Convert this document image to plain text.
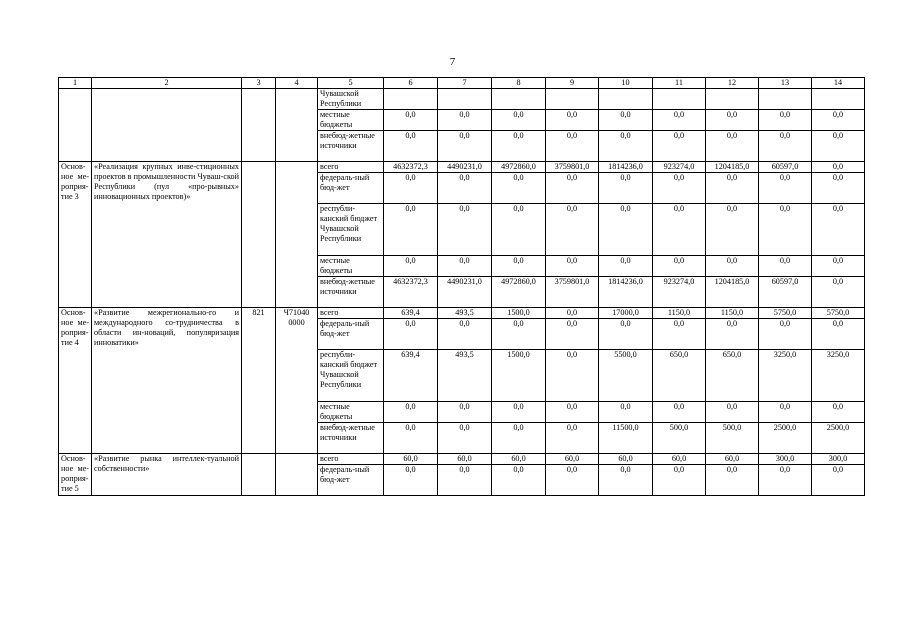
7
1	2	3	4	5	6	7	8	9	10	11	12	13	14
				Чувашской Республики									
				местные бюджеты	0,0	0,0	0,0	0,0	0,0	0,0	0,0	0,0	0,0
				внебюд-жетные источники	0,0	0,0	0,0	0,0	0,0	0,0	0,0	0,0	0,0
Основ-ное ме-роприя-тие 3	«Реализация крупных инве-стиционных проектов в промышленности Чуваш-ской Республики (пул «про-рывных» инновационных проектов)»			всего	4632372,3	4490231,0	4972860,0	3759801,0	1814236,0	923274,0	1204185,0	60597,0	0,0
				федераль-ный бюд-жет	0,0	0,0	0,0	0,0	0,0	0,0	0,0	0,0	0,0
				республи-канский бюджет Чувашской Республики	0,0	0,0	0,0	0,0	0,0	0,0	0,0	0,0	0,0
				местные бюджеты	0,0	0,0	0,0	0,0	0,0	0,0	0,0	0,0	0,0
				внебюд-жетные источники	4632372,3	4490231,0	4972860,0	3759801,0	1814236,0	923274,0	1204185,0	60597,0	0,0
Основ-ное ме-роприя-тие 4	«Развитие межрегионально-го и международного со-трудничества в области ин-новаций, популяризация инноватики»	821	Ч71040 0000	всего	639,4	493,5	1500,0	0,0	17000,0	1150,0	1150,0	5750,0	5750,0
				федераль-ный бюд-жет	0,0	0,0	0,0	0,0	0,0	0,0	0,0	0,0	0,0
				республи-канский бюджет Чувашской Республики	639,4	493,5	1500,0	0,0	5500,0	650,0	650,0	3250,0	3250,0
				местные бюджеты	0,0	0,0	0,0	0,0	0,0	0,0	0,0	0,0	0,0
				внебюд-жетные источники	0,0	0,0	0,0	0,0	11500,0	500,0	500,0	2500,0	2500,0
Основ-ное ме-роприя-тие 5	«Развитие рынка интеллек-туальной собственности»			всего	60,0	60,0	60,0	60,0	60,0	60,0	60,0	300,0	300,0
				федераль-ный бюд-жет	0,0	0,0	0,0	0,0	0,0	0,0	0,0	0,0	0,0
